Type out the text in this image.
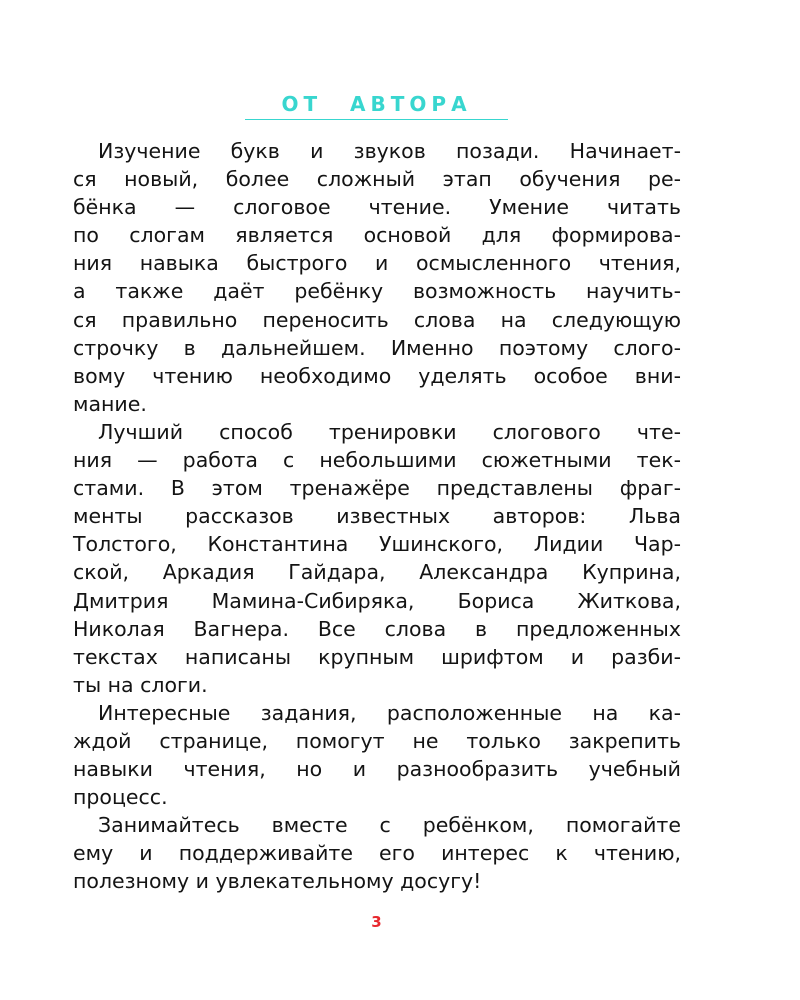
ОТ АВТОРА
Изучение букв и звуков позади. Начинает-
ся новый, более сложный этап обучения ре-
бёнка — слоговое чтение. Умение читать
по слогам является основой для формирова-
ния навыка быстрого и осмысленного чтения,
а также даёт ребёнку возможность научить-
ся правильно переносить слова на следующую
строчку в дальнейшем. Именно поэтому слого-
вому чтению необходимо уделять особое вни-
мание.
Лучший способ тренировки слогового чте-
ния — работа с небольшими сюжетными тек-
стами. В этом тренажёре представлены фраг-
менты рассказов известных авторов: Льва
Толстого, Константина Ушинского, Лидии Чар-
ской, Аркадия Гайдара, Александра Куприна,
Дмитрия Мамина-Сибиряка, Бориса Житкова,
Николая Вагнера. Все слова в предложенных
текстах написаны крупным шрифтом и разби-
ты на слоги.
Интересные задания, расположенные на ка-
ждой странице, помогут не только закрепить
навыки чтения, но и разнообразить учебный
процесс.
Занимайтесь вместе с ребёнком, помогайте
ему и поддерживайте его интерес к чтению,
полезному и увлекательному досугу!
3
